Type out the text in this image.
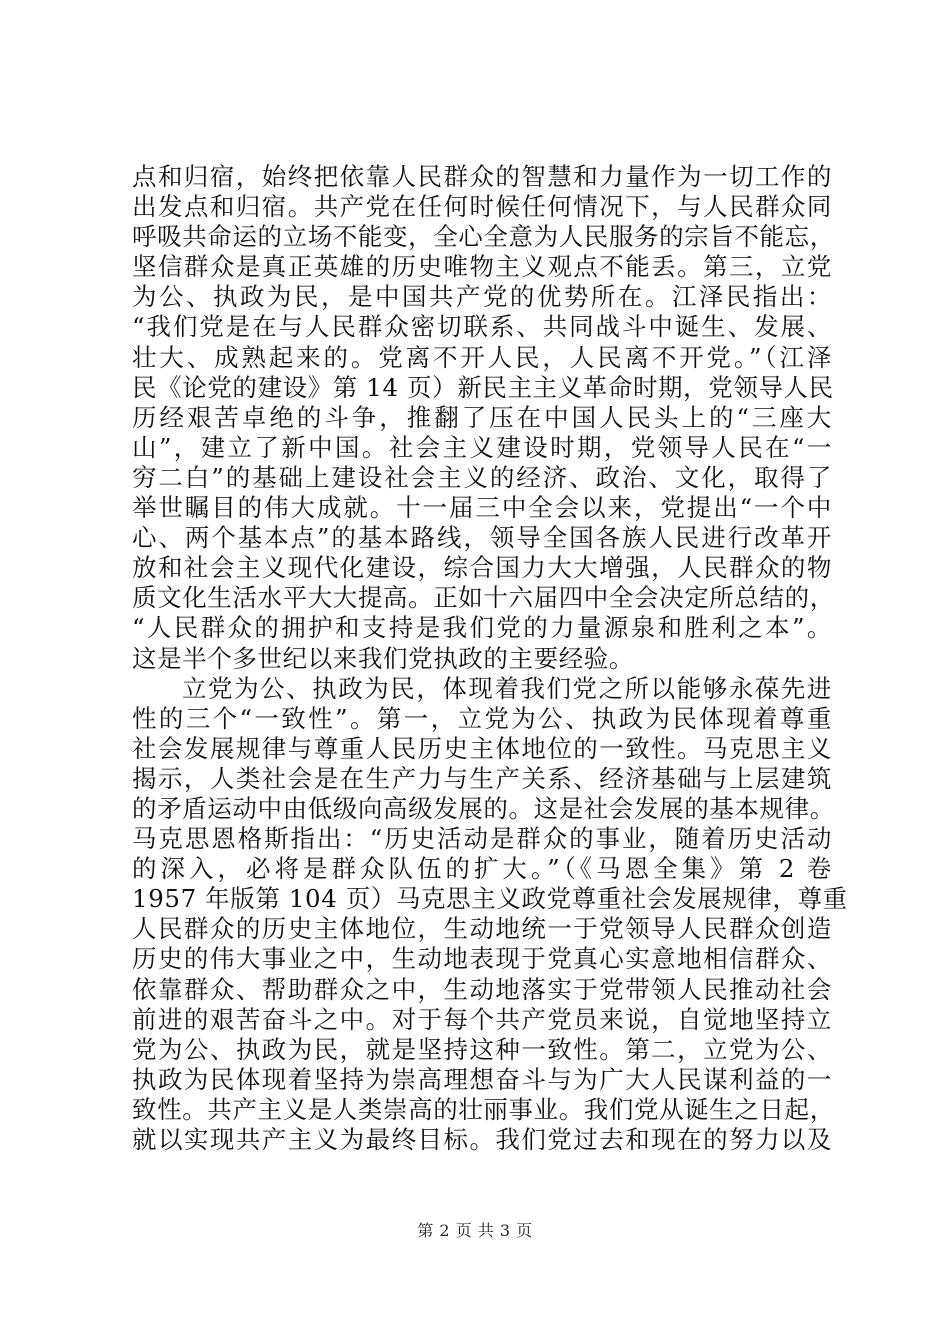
点和归宿，始终把依靠人民群众的智慧和力量作为一切工作的
出发点和归宿。共产党在任何时候任何情况下，与人民群众同
呼吸共命运的立场不能变，全心全意为人民服务的宗旨不能忘，
坚信群众是真正英雄的历史唯物主义观点不能丢。第三，立党
为公、执政为民，是中国共产党的优势所在。江泽民指出：
“我们党是在与人民群众密切联系、共同战斗中诞生、发展、
壮大、成熟起来的。党离不开人民，人民离不开党。”（江泽
民《论党的建设》第 14 页）新民主主义革命时期，党领导人民
历经艰苦卓绝的斗争，推翻了压在中国人民头上的“三座大
山”，建立了新中国。社会主义建设时期，党领导人民在“一
穷二白”的基础上建设社会主义的经济、政治、文化，取得了
举世瞩目的伟大成就。十一届三中全会以来，党提出“一个中
心、两个基本点”的基本路线，领导全国各族人民进行改革开
放和社会主义现代化建设，综合国力大大增强，人民群众的物
质文化生活水平大大提高。正如十六届四中全会决定所总结的，
“人民群众的拥护和支持是我们党的力量源泉和胜利之本”。
这是半个多世纪以来我们党执政的主要经验。
立党为公、执政为民，体现着我们党之所以能够永葆先进
性的三个“一致性”。第一，立党为公、执政为民体现着尊重
社会发展规律与尊重人民历史主体地位的一致性。马克思主义
揭示，人类社会是在生产力与生产关系、经济基础与上层建筑
的矛盾运动中由低级向高级发展的。这是社会发展的基本规律。
马克思恩格斯指出：“历史活动是群众的事业，随着历史活动
的深入，必将是群众队伍的扩大。”（《马恩全集》第 2 卷
1957 年版第 104 页）马克思主义政党尊重社会发展规律，尊重
人民群众的历史主体地位，生动地统一于党领导人民群众创造
历史的伟大事业之中，生动地表现于党真心实意地相信群众、
依靠群众、帮助群众之中，生动地落实于党带领人民推动社会
前进的艰苦奋斗之中。对于每个共产党员来说，自觉地坚持立
党为公、执政为民，就是坚持这种一致性。第二，立党为公、
执政为民体现着坚持为崇高理想奋斗与为广大人民谋利益的一
致性。共产主义是人类崇高的壮丽事业。我们党从诞生之日起，
就以实现共产主义为最终目标。我们党过去和现在的努力以及
第 2 页 共 3 页
